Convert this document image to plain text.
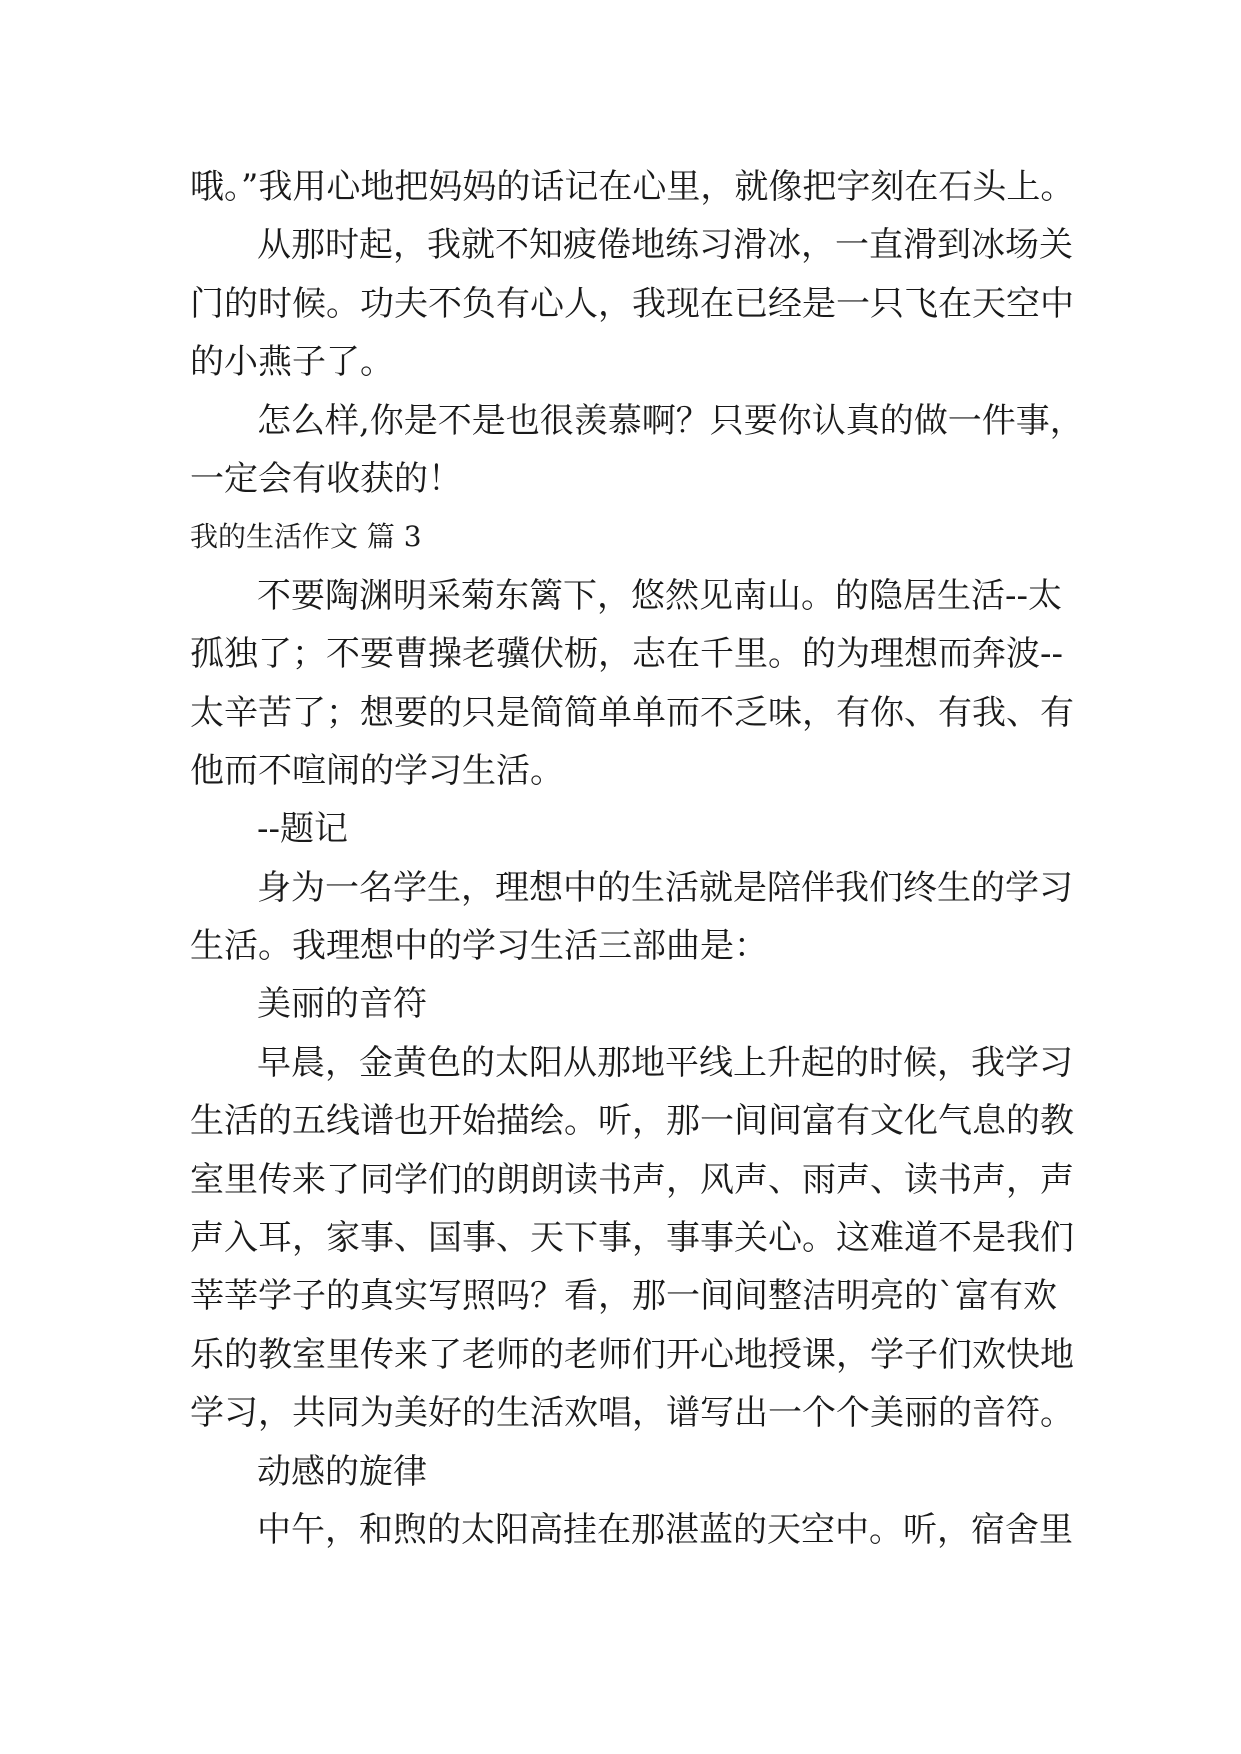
哦。”我用心地把妈妈的话记在心里，就像把字刻在石头上。
从那时起，我就不知疲倦地练习滑冰，一直滑到冰场关
门的时候。功夫不负有心人，我现在已经是一只飞在天空中
的小燕子了。
怎么样,你是不是也很羡慕啊？只要你认真的做一件事，
一定会有收获的！
我的生活作文 篇 3
不要陶渊明采菊东篱下，悠然见南山。的隐居生活--太
孤独了；不要曹操老骥伏枥，志在千里。的为理想而奔波--
太辛苦了；想要的只是简简单单而不乏味，有你、有我、有
他而不喧闹的学习生活。
--题记
身为一名学生，理想中的生活就是陪伴我们终生的学习
生活。我理想中的学习生活三部曲是：
美丽的音符
早晨，金黄色的太阳从那地平线上升起的时候，我学习
生活的五线谱也开始描绘。听，那一间间富有文化气息的教
室里传来了同学们的朗朗读书声，风声、雨声、读书声，声
声入耳，家事、国事、天下事，事事关心。这难道不是我们
莘莘学子的真实写照吗？看，那一间间整洁明亮的`富有欢
乐的教室里传来了老师的老师们开心地授课，学子们欢快地
学习，共同为美好的生活欢唱，谱写出一个个美丽的音符。
动感的旋律
中午，和煦的太阳高挂在那湛蓝的天空中。听，宿舍里
